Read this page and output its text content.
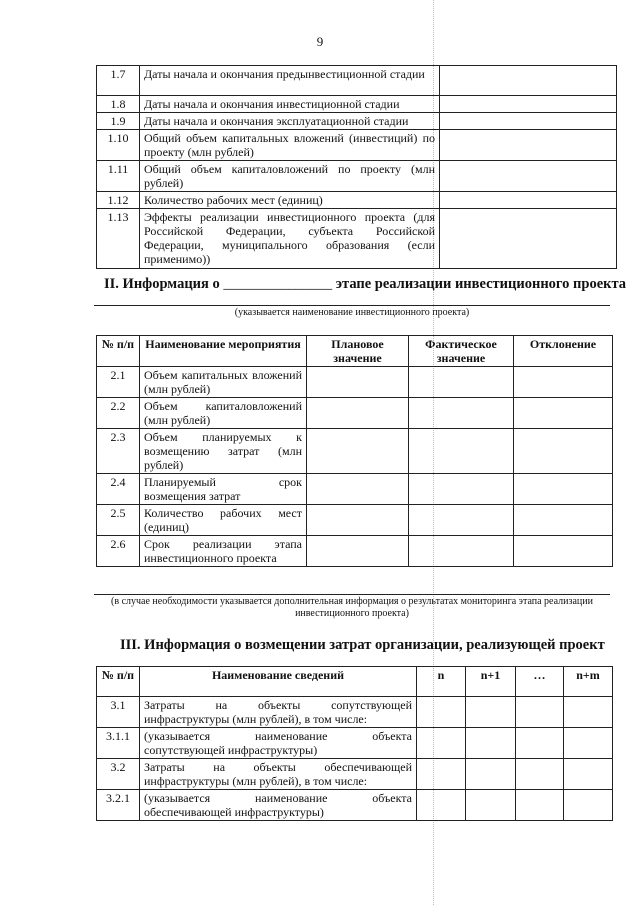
9
1.7	Даты начала и окончания предынвестиционной стадии	
1.8	Даты начала и окончания инвестиционной стадии	
1.9	Даты начала и окончания эксплуатационной стадии	
1.10	Общий объем капитальных вложений (инвестиций) по проекту (млн рублей)	
1.11	Общий объем капиталовложений по проекту (млн рублей)	
1.12	Количество рабочих мест (единиц)	
1.13	Эффекты реализации инвестиционного проекта (для Российской Федерации, субъекта Российской Федерации, муниципального образования (если применимо))	
II. Информация о _______________ этапе реализации инвестиционного проекта
(указывается наименование инвестиционного проекта)
№ п/п	Наименование мероприятия	Плановое значение	Фактическое значение	Отклонение
2.1	Объем капитальных вложений (млн рублей)			
2.2	Объем капиталовложений (млн рублей)			
2.3	Объем планируемых к возмещению затрат (млн рублей)			
2.4	Планируемый срок возмещения затрат			
2.5	Количество рабочих мест (единиц)			
2.6	Срок реализации этапа инвестиционного проекта			
(в случае необходимости указывается дополнительная информация о результатах мониторинга этапа реализации инвестиционного проекта)
III. Информация о возмещении затрат организации, реализующей проект
№ п/п	Наименование сведений	n	n+1	…	n+m
3.1	Затраты на объекты сопутствующей инфраструктуры (млн рублей), в том числе:				
3.1.1	(указывается наименование объекта сопутствующей инфраструктуры)				
3.2	Затраты на объекты обеспечивающей инфраструктуры (млн рублей), в том числе:				
3.2.1	(указывается наименование объекта обеспечивающей инфраструктуры)				
